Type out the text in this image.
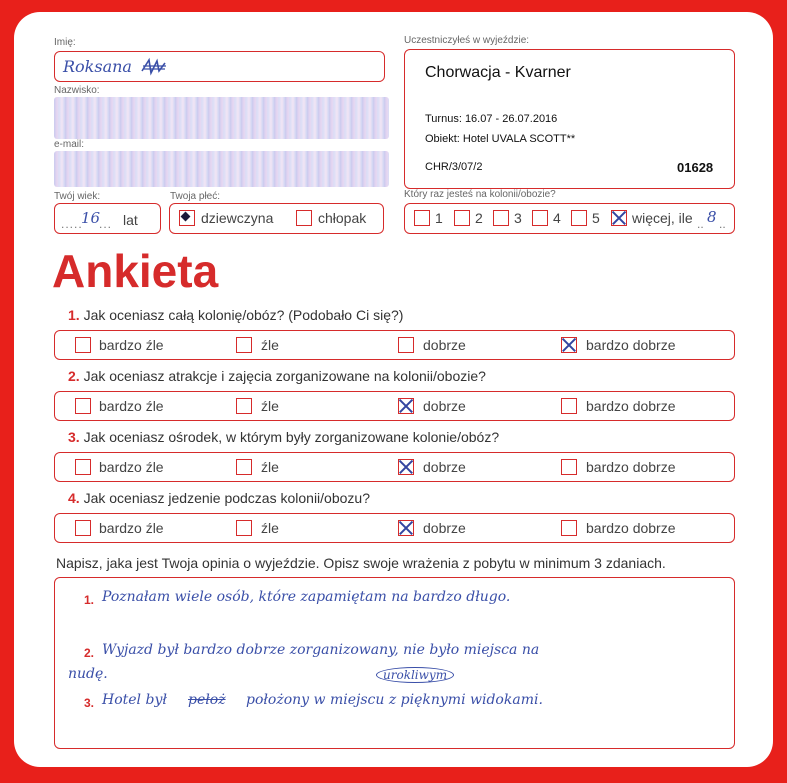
Imię:
Roksana
Nazwisko:
e-mail:
Uczestniczyłeś w wyjeździe:
Chorwacja - Kvarner
Turnus: 16.07 - 26.07.2016
Obiekt: Hotel UVALA SCOTT**
CHR/3/07/2	01628
Twój wiek:
.....
16
... lat
Twoja płeć:
dziewczyna	chłopak
Który raz jesteś na kolonii/obozie?
1 2 3 4 5 więcej, ile .. 8 ..
Ankieta
1. Jak oceniasz całą kolonię/obóz? (Podobało Ci się?)
bardzo źle	źle	dobrze	bardzo dobrze
2. Jak oceniasz atrakcje i zajęcia zorganizowane na kolonii/obozie?
bardzo źle	źle	dobrze	bardzo dobrze
3. Jak oceniasz ośrodek, w którym były zorganizowane kolonie/obóz?
bardzo źle	źle	dobrze	bardzo dobrze
4. Jak oceniasz jedzenie podczas kolonii/obozu?
bardzo źle	źle	dobrze	bardzo dobrze
Napisz, jaka jest Twoja opinia o wyjeździe. Opisz swoje wrażenia z pobytu w minimum 3 zdaniach.
1. Poznałam wiele osób, które zapamiętam na bardzo długo.
2. Wyjazd był bardzo dobrze zorganizowany, nie było miejsca na
nudę.	urokliwym
3. Hotel był pełoż położony w miejscu z pięknymi widokami.
